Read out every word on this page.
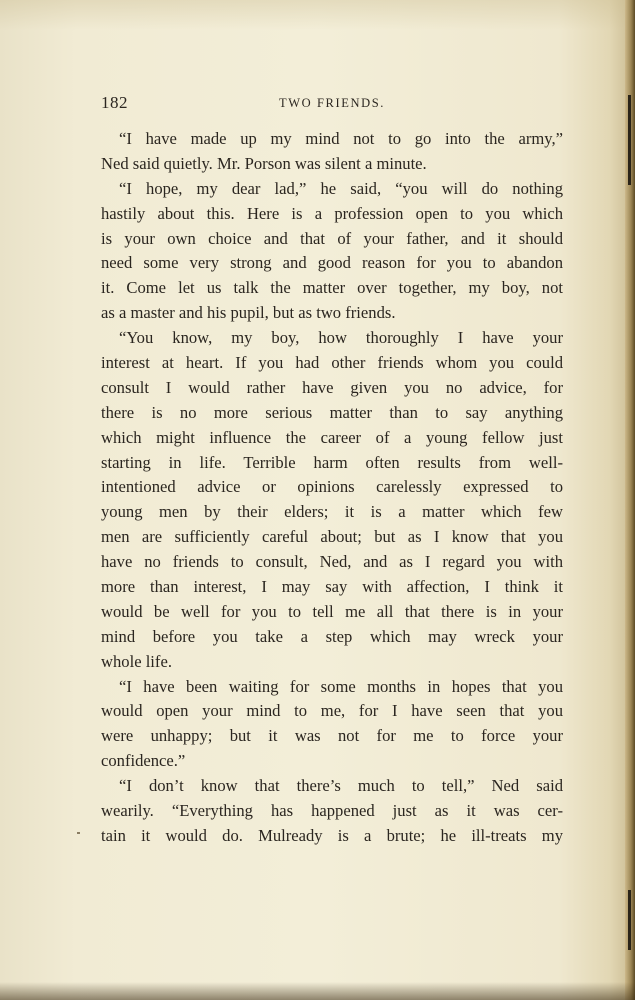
182	TWO FRIENDS.
“I have made up my mind not to go into the army,”
Ned said quietly. Mr. Porson was silent a minute.
“I hope, my dear lad,” he said, “you will do nothing
hastily about this. Here is a profession open to you which
is your own choice and that of your father, and it should
need some very strong and good reason for you to abandon
it. Come let us talk the matter over together, my boy, not
as a master and his pupil, but as two friends.
“You know, my boy, how thoroughly I have your
interest at heart. If you had other friends whom you could
consult I would rather have given you no advice, for
there is no more serious matter than to say anything
which might influence the career of a young fellow just
starting in life. Terrible harm often results from well-
intentioned advice or opinions carelessly expressed to
young men by their elders; it is a matter which few
men are sufficiently careful about; but as I know that you
have no friends to consult, Ned, and as I regard you with
more than interest, I may say with affection, I think it
would be well for you to tell me all that there is in your
mind before you take a step which may wreck your
whole life.
“I have been waiting for some months in hopes that you
would open your mind to me, for I have seen that you
were unhappy; but it was not for me to force your
confidence.”
“I don’t know that there’s much to tell,” Ned said
wearily. “Everything has happened just as it was cer-
tain it would do. Mulready is a brute; he ill-treats my
